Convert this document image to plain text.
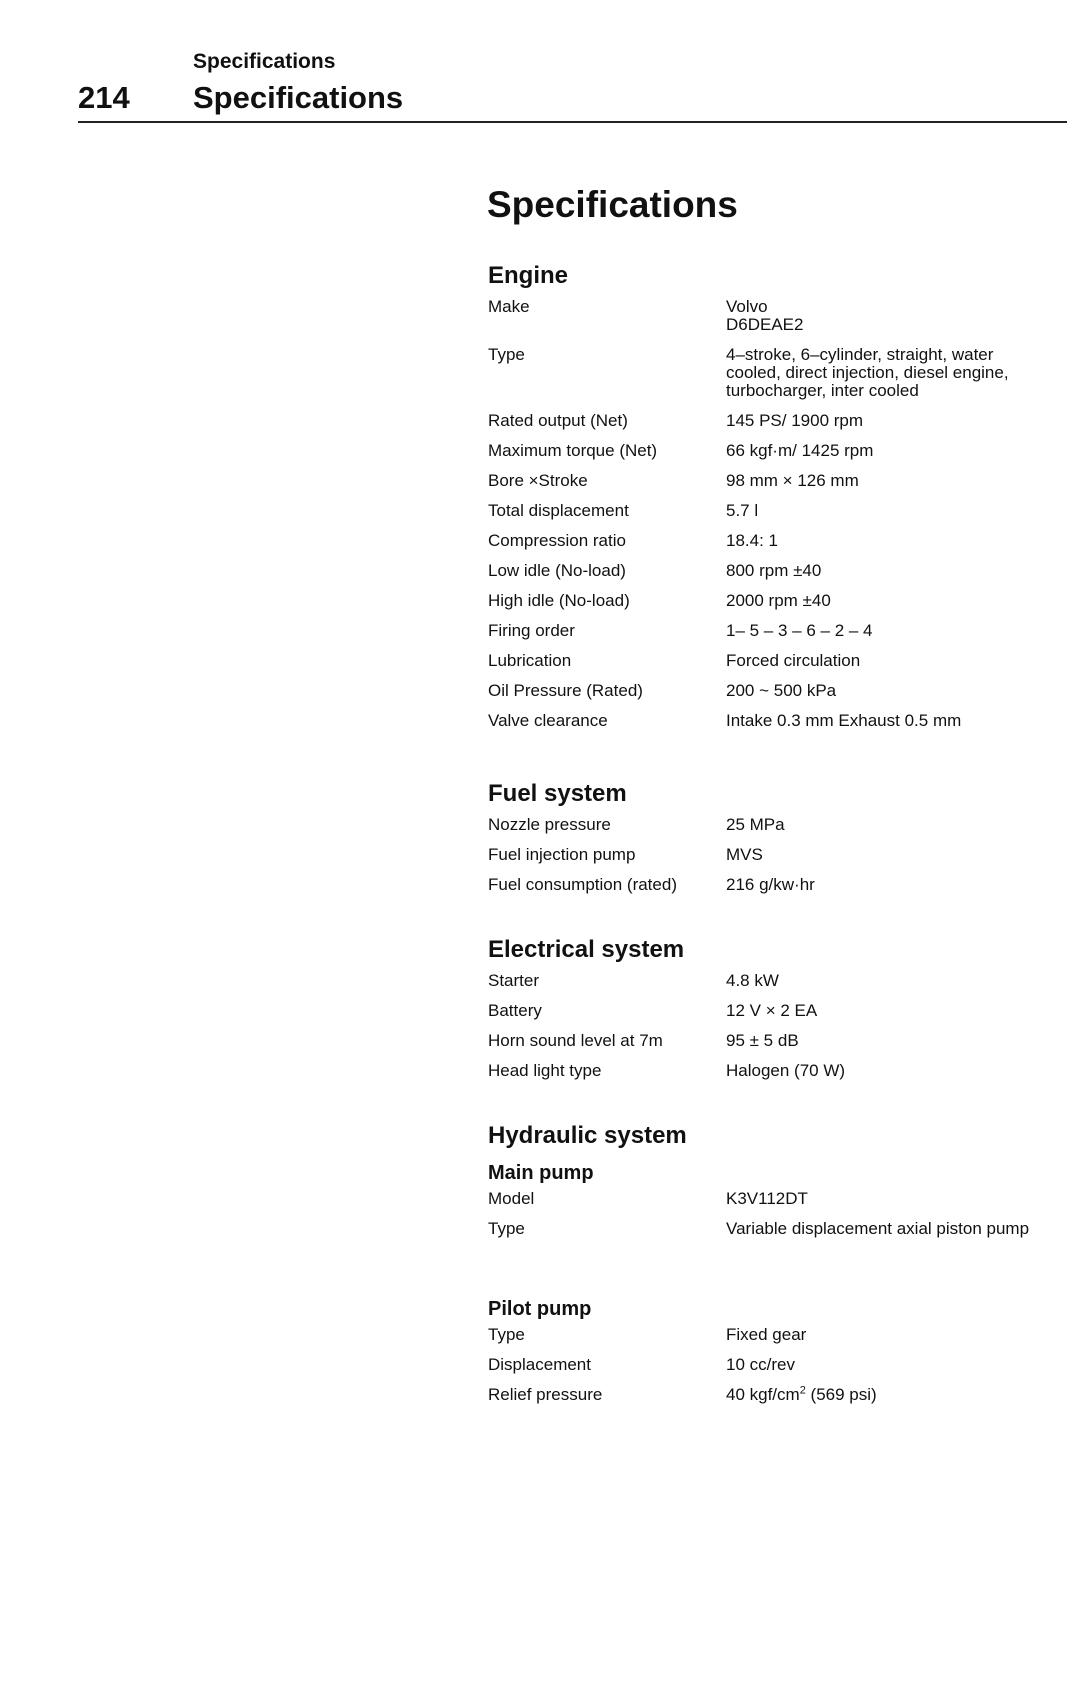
Specifications
214 Specifications
Specifications
Engine
Make	Volvo
D6DEAE2
Type	4–stroke, 6–cylinder, straight, water
cooled, direct injection, diesel engine,
turbocharger, inter cooled
Rated output (Net)	145 PS/ 1900 rpm
Maximum torque (Net)	66 kgf·m/ 1425 rpm
Bore ×Stroke	98 mm × 126 mm
Total displacement	5.7 l
Compression ratio	18.4: 1
Low idle (No-load)	800 rpm ±40
High idle (No-load)	2000 rpm ±40
Firing order	1– 5 – 3 – 6 – 2 – 4
Lubrication	Forced circulation
Oil Pressure (Rated)	200 ~ 500 kPa
Valve clearance	Intake 0.3 mm Exhaust 0.5 mm
Fuel system
Nozzle pressure	25 MPa
Fuel injection pump	MVS
Fuel consumption (rated)	216 g/kw·hr
Electrical system
Starter	4.8 kW
Battery	12 V × 2 EA
Horn sound level at 7m	95 ± 5 dB
Head light type	Halogen (70 W)
Hydraulic system
Main pump
Model	K3V112DT
Type	Variable displacement axial piston pump
Pilot pump
Type	Fixed gear
Displacement	10 cc/rev
Relief pressure	40 kgf/$cm^2$ (569 psi)
